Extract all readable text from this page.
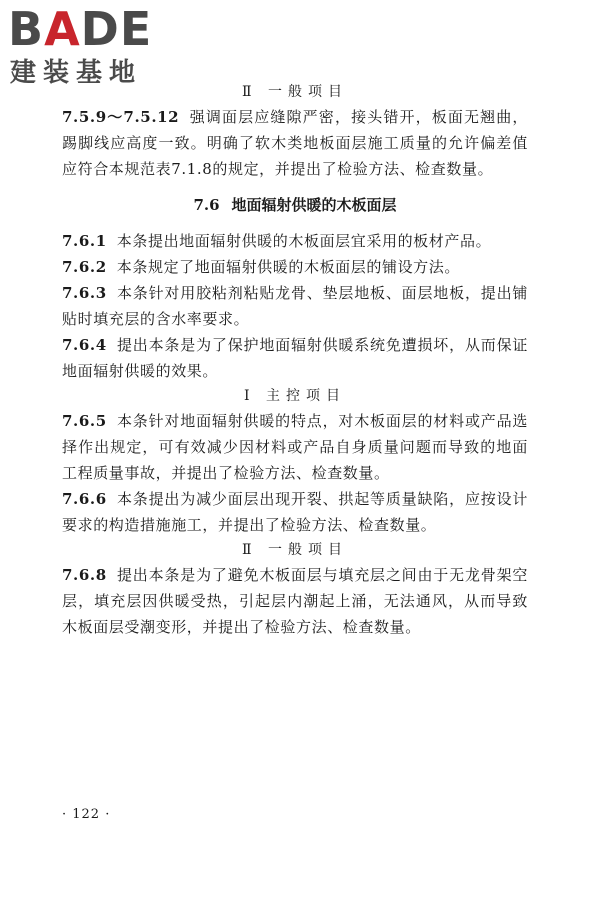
BADE
建装基地
Ⅱ 一般项目

7.5.9～7.5.12 强调面层应缝隙严密，接头错开，板面无翘曲，踢脚线应高度一致。明确了软木类地板面层施工质量的允许偏差值应符合本规范表7.1.8的规定，并提出了检验方法、检查数量。

7.6 地面辐射供暖的木板面层

7.6.1 本条提出地面辐射供暖的木板面层宜采用的板材产品。

7.6.2 本条规定了地面辐射供暖的木板面层的铺设方法。

7.6.3 本条针对用胶粘剂粘贴龙骨、垫层地板、面层地板，提出铺贴时填充层的含水率要求。

7.6.4 提出本条是为了保护地面辐射供暖系统免遭损坏，从而保证地面辐射供暖的效果。

Ⅰ 主控项目

7.6.5 本条针对地面辐射供暖的特点，对木板面层的材料或产品选择作出规定，可有效减少因材料或产品自身质量问题而导致的地面工程质量事故，并提出了检验方法、检查数量。

7.6.6 本条提出为减少面层出现开裂、拱起等质量缺陷，应按设计要求的构造措施施工，并提出了检验方法、检查数量。

Ⅱ 一般项目

7.6.8 提出本条是为了避免木板面层与填充层之间由于无龙骨架空层，填充层因供暖受热，引起层内潮起上涌，无法通风，从而导致木板面层受潮变形，并提出了检验方法、检查数量。

· 122 ·
